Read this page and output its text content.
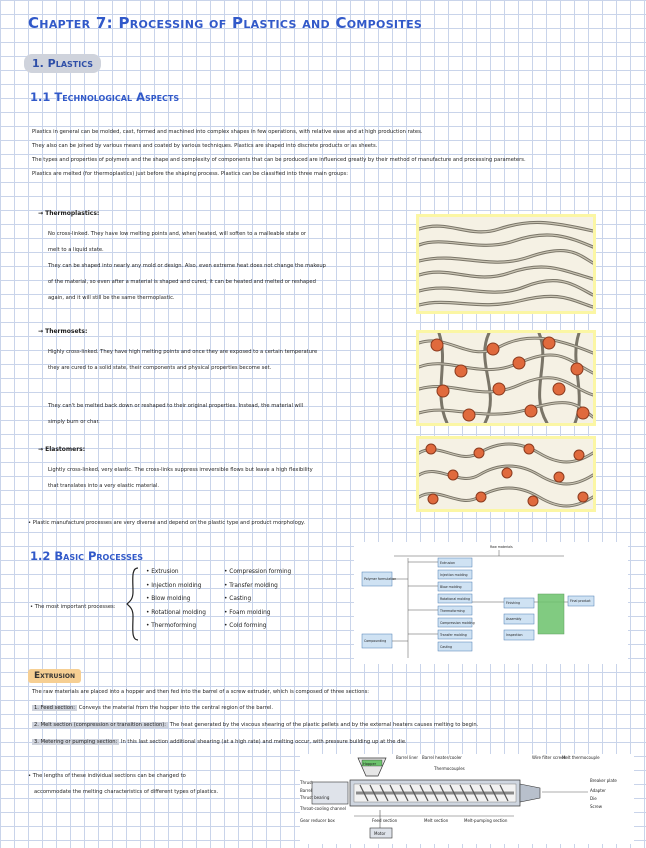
Chapter 7: Processing of Plastics and Composites
1. Plastics
1.1 Technological Aspects
Plastics in general can be molded, cast, formed and machined into complex shapes in few operations, with relative ease and at high production rates.
They also can be joined by various means and coated by various techniques. Plastics are shaped into discrete products or as sheets.
The types and properties of polymers and the shape and complexity of components that can be produced are influenced greatly by their method of manufacture and processing parameters.
Plastics are melted (for thermoplastics) just before the shaping process. Plastics can be classified into three main groups:
→ Thermoplastics:
No cross-linked. They have low melting points and, when heated, will soften to a malleable state or
melt to a liquid state.
They can be shaped into nearly any mold or design. Also, even extreme heat does not change the makeup
of the material, so even after a material is shaped and cured, it can be heated and melted or reshaped
again, and it will still be the same thermoplastic.
→ Thermosets:
Highly cross-linked. They have high melting points and once they are exposed to a certain temperature
they are cured to a solid state, their components and physical properties become set.
They can't be melted back down or reshaped to their original properties. Instead, the material will
simply burn or char.
→ Elastomers:
Lightly cross-linked, very elastic. The cross-links suppress irreversible flows but leave a high flexibility
that translates into a very elastic material.
• Plastic manufacture processes are very diverse and depend on the plastic type and product morphology.
1.2 Basic Processes
• The most important processes:
• Extrusion
• Injection molding
• Blow molding
• Rotational molding
• Thermoforming
• Compression forming
• Transfer molding
• Casting
• Foam molding
• Cold forming
Raw materials
Polymer formulation
Compounding
Extrusion
Injection molding
Blow molding
Rotational molding
Thermoforming
Compression molding
Transfer molding
Casting
Finishing
Assembly
Inspection
Final product
Extrusion
The raw materials are placed into a hopper and then fed into the barrel of a screw extruder, which is composed of three sections:
1. Feed section: Conveys the material from the hopper into the central region of the barrel.
2. Melt section (compression or transition section): The heat generated by the viscous shearing of the plastic pellets and by the external heaters causes melting to begin.
3. Metering or pumping section: In this last section additional shearing (at a high rate) and melting occur, with pressure building up at the die.
• The lengths of these individual sections can be changed to
accommodate the melting characteristics of different types of plastics.
Hopper
Motor
Thrust
Barrel
Thrust bearing
Throat-cooling channel
Gear reducer box
Barrel liner Barrel heater/cooler
Thermocouples
Wire filter screen
Melt thermocouple
Breaker plate
Adapter
Die
Screw
Feed section	Melt section	Melt-pumping section
